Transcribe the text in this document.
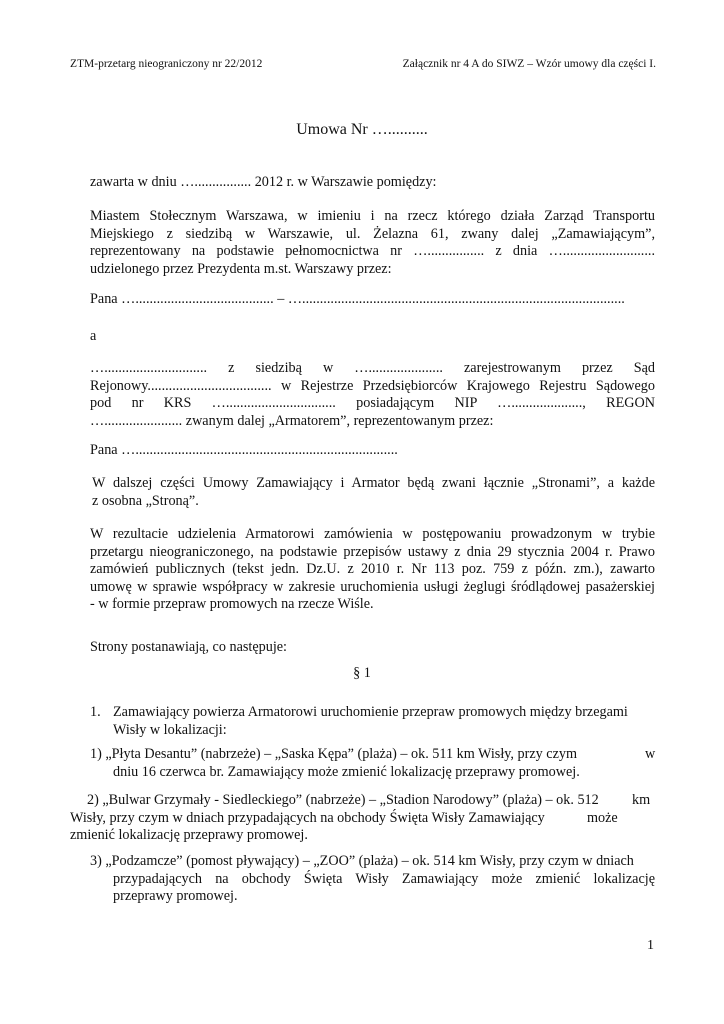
ZTM-przetarg nieograniczony nr 22/2012	Załącznik nr 4 A do SIWZ – Wzór umowy dla części I.
Umowa Nr …..........
zawarta w dniu …................ 2012 r. w Warszawie pomiędzy:
Miastem Stołecznym Warszawa, w imieniu i na rzecz którego działa Zarząd Transportu
Miejskiego z siedzibą w Warszawie, ul. Żelazna 61, zwany dalej „Zamawiającym”,
reprezentowany na podstawie pełnomocnictwa nr …................ z dnia …..........................
udzielonego przez Prezydenta m.st. Warszawy przez:
Pana …....................................... – …...........................................................................................
a
…............................. z siedzibą w …..................... zarejestrowanym przez Sąd
Rejonowy................................... w Rejestrze Przedsiębiorców Krajowego Rejestru Sądowego
pod nr KRS …............................... posiadającym NIP …...................., REGON
…...................... zwanym dalej „Armatorem”, reprezentowanym przez:
Pana …..........................................................................
W dalszej części Umowy Zamawiający i Armator będą zwani łącznie „Stronami”, a każde
z osobna „Stroną”.
W rezultacie udzielenia Armatorowi zamówienia w postępowaniu prowadzonym w trybie
przetargu nieograniczonego, na podstawie przepisów ustawy z dnia 29 stycznia 2004 r. Prawo
zamówień publicznych (tekst jedn. Dz.U. z 2010 r. Nr 113 poz. 759 z późn. zm.), zawarto
umowę w sprawie współpracy w zakresie uruchomienia usługi żeglugi śródlądowej pasażerskiej
- w formie przepraw promowych na rzecze Wiśle.
Strony postanawiają, co następuje:
§ 1
1. Zamawiający powierza Armatorowi uruchomienie przepraw promowych między brzegami
Wisły w lokalizacji:
1) „Płyta Desantu” (nabrzeże) – „Saska Kępa” (plaża) – ok. 511 km Wisły, przy czym
dniu 16 czerwca br. Zamawiający może zmienić lokalizację przeprawy promowej.
w
2) „Bulwar Grzymały - Siedleckiego” (nabrzeże) – „Stadion Narodowy” (plaża) – ok. 512
Wisły, przy czym w dniach przypadających na obchody Święta Wisły Zamawiający
zmienić lokalizację przeprawy promowej.
km
może
3) „Podzamcze” (pomost pływający) – „ZOO” (plaża) – ok. 514 km Wisły, przy czym w dniach
przypadających na obchody Święta Wisły Zamawiający może zmienić lokalizację
przeprawy promowej.
1
